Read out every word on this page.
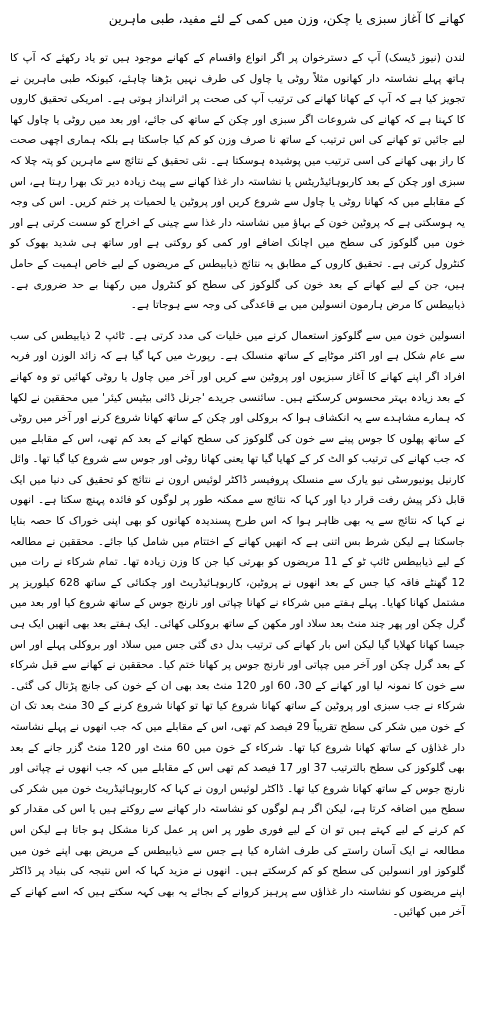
کھانے کا آغاز سبزی یا چکن، وزن میں کمی کے لئے مفید، طبی ماہرین

لندن (نیوز ڈیسک) آپ کے دسترخوان پر اگر انواع واقسام کے کھانے موجود ہیں تو یاد رکھئے کہ آپ کا ہاتھ پہلے نشاستہ دار کھانوں مثلاً روٹی یا چاول کی طرف نہیں بڑھنا چاہئے، کیونکہ طبی ماہرین نے تجویز کیا ہے کہ آپ کے کھانا کھانے کی ترتیب آپ کی صحت پر اثرانداز ہوتی ہے۔ امریکی تحقیق کاروں کا کہنا ہے کہ کھانے کی شروعات اگر سبزی اور چکن کے ساتھ کی جائے، اور بعد میں روٹی یا چاول کھا لیے جائیں تو کھانے کی اس ترتیب کے ساتھ نا صرف وزن کو کم کیا جاسکتا ہے بلکہ ہماری اچھی صحت کا راز بھی کھانے کی اسی ترتیب میں پوشیدہ ہوسکتا ہے۔ نئی تحقیق کے نتائج سے ماہرین کو پتہ چلا کہ سبزی اور چکن کے بعد کاربوہائیڈریٹس یا نشاستہ دار غذا کھانے سے پیٹ زیادہ دیر تک بھرا رہتا ہے، اس کے مقابلے میں کہ کھانا روٹی یا چاول سے شروع کریں اور پروٹین یا لحمیات پر ختم کریں۔ اس کی وجہ یہ ہوسکتی ہے کہ پروٹین خون کے بہاؤ میں نشاستہ دار غذا سے چینی کے اخراج کو سست کرتی ہے اور خون میں گلوکوز کی سطح میں اچانک اضافے اور کمی کو روکتی ہے اور ساتھ ہی شدید بھوک کو کنٹرول کرتی ہے۔ تحقیق کاروں کے مطابق یہ نتائج ذیابیطس کے مریضوں کے لیے خاص اہمیت کے حامل ہیں، جن کے لیے کھانے کے بعد خون کی گلوکوز کی سطح کو کنٹرول میں رکھنا بے حد ضروری ہے۔ ذیابیطس کا مرض ہارمون انسولین میں بے قاعدگی کی وجہ سے ہوجاتا ہے۔

انسولین خون میں سے گلوکوز استعمال کرنے میں خلیات کی مدد کرتی ہے۔ ٹائپ 2 ذیابیطس کی سب سے عام شکل ہے اور اکثر موٹاپے کے ساتھ منسلک ہے۔ رپورٹ میں کہا گیا ہے کہ زائد الوزن اور فربہ افراد اگر اپنے کھانے کا آغاز سبزیوں اور پروٹین سے کریں اور آخر میں چاول یا روٹی کھائیں تو وہ کھانے کے بعد زیادہ بہتر محسوس کرسکتے ہیں۔ سائنسی جریدے 'جرنل ڈائی بیٹیس کیئر' میں محققین نے لکھا کہ ہمارے مشاہدے سے یہ انکشاف ہوا کہ بروکلی اور چکن کے ساتھ کھانا شروع کرنے اور آخر میں روٹی کے ساتھ پھلوں کا جوس پینے سے خون کی گلوکوز کی سطح کھانے کے بعد کم تھی، اس کے مقابلے میں کہ جب کھانے کی ترتیب کو الٹ کر کے کھایا گیا تھا یعنی کھانا روٹی اور جوس سے شروع کیا گیا تھا۔ وائل کارنیل یونیورسٹی نیو یارک سے منسلک پروفیسر ڈاکٹر لوئیس ارون نے نتائج کو تحقیق کی دنیا میں ایک قابل ذکر پیش رفت قرار دیا اور کہا کہ نتائج سے ممکنہ طور پر لوگوں کو فائدہ پہنچ سکتا ہے۔ انھوں نے کہا کہ نتائج سے یہ بھی ظاہر ہوا کہ اس طرح پسندیدہ کھانوں کو بھی اپنی خوراک کا حصہ بنایا جاسکتا ہے لیکن شرط بس اتنی ہے کہ انھیں کھانے کے اختتام میں شامل کیا جائے۔ محققین نے مطالعہ کے لیے ذیابیطس ٹائپ ٹو کے 11 مریضوں کو بھرتی کیا جن کا وزن زیادہ تھا۔ تمام شرکاء نے رات میں 12 گھنٹے فاقہ کیا جس کے بعد انھوں نے پروٹین، کاربوہائیڈریٹ اور چکنائی کے ساتھ 628 کیلوریز پر مشتمل کھانا کھایا۔ پہلے ہفتے میں شرکاء نے کھانا چپاتی اور نارنج جوس کے ساتھ شروع کیا اور بعد میں گرل چکن اور پھر چند منٹ بعد سلاد اور مکھن کے ساتھ بروکلی کھائی۔ ایک ہفتے بعد بھی انھیں ایک ہی جیسا کھانا کھلایا گیا لیکن اس بار کھانے کی ترتیب بدل دی گئی جس میں سلاد اور بروکلی پہلے اور اس کے بعد گرل چکن اور آخر میں چپاتی اور نارنج جوس پر کھانا ختم کیا۔ محققین نے کھانے سے قبل شرکاء سے خون کا نمونہ لیا اور کھانے کے 30، 60 اور 120 منٹ بعد بھی ان کے خون کی جانچ پڑتال کی گئی۔ شرکاء نے جب سبزی اور پروٹین کے ساتھ کھانا شروع کیا تھا تو کھانا شروع کرنے کے 30 منٹ بعد تک ان کے خون میں شکر کی سطح تقریباً 29 فیصد کم تھی، اس کے مقابلے میں کہ جب انھوں نے پہلے نشاستہ دار غذاؤں کے ساتھ کھانا شروع کیا تھا۔ شرکاء کے خون میں 60 منٹ اور 120 منٹ گزر جانے کے بعد بھی گلوکوز کی سطح بالترتیب 37 اور 17 فیصد کم تھی اس کے مقابلے میں کہ جب انھوں نے چپاتی اور نارنج جوس کے ساتھ کھانا شروع کیا تھا۔ ڈاکٹر لوئیس ارون نے کہا کہ کاربوہائیڈریٹ خون میں شکر کی سطح میں اضافہ کرتا ہے، لیکن اگر ہم لوگوں کو نشاستہ دار کھانے سے روکتے ہیں یا اس کی مقدار کو کم کرنے کے لیے کہتے ہیں تو ان کے لیے فوری طور پر اس پر عمل کرنا مشکل ہو جاتا ہے لیکن اس مطالعہ نے ایک آسان راستے کی طرف اشارہ کیا ہے جس سے ذیابیطس کے مریض بھی اپنے خون میں گلوکوز اور انسولین کی سطح کو کم کرسکتے ہیں۔ انھوں نے مزید کہا کہ اس نتیجہ کی بنیاد پر ڈاکٹر اپنے مریضوں کو نشاستہ دار غذاؤں سے پرہیز کروانے کے بجائے یہ بھی کہہ سکتے ہیں کہ اسے کھانے کے آخر میں کھائیں۔
